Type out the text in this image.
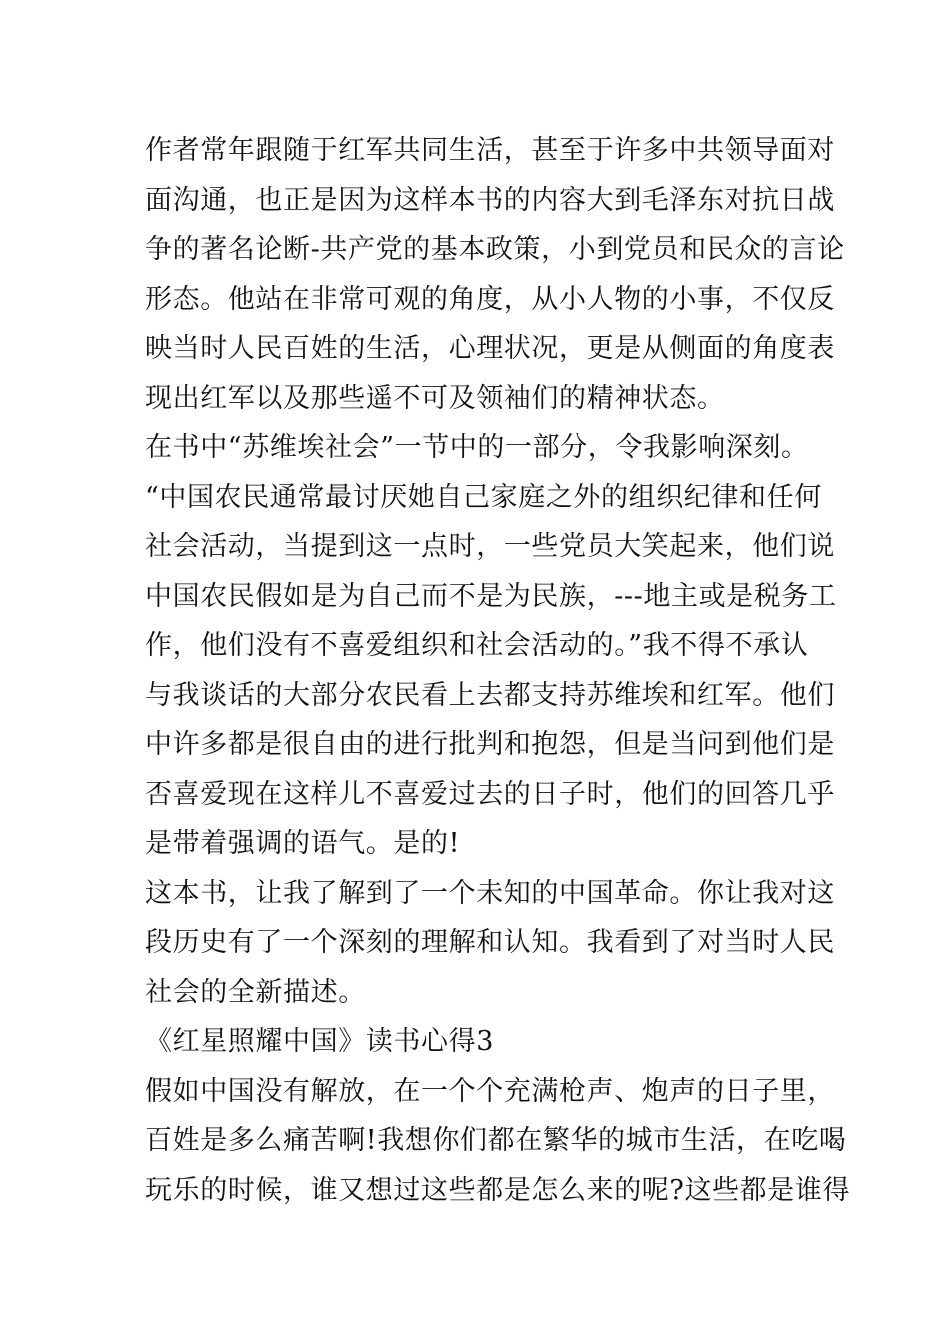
作者常年跟随于红军共同生活，甚至于许多中共领导面对
面沟通，也正是因为这样本书的内容大到毛泽东对抗日战
争的著名论断-共产党的基本政策，小到党员和民众的言论
形态。他站在非常可观的角度，从小人物的小事，不仅反
映当时人民百姓的生活，心理状况，更是从侧面的角度表
现出红军以及那些遥不可及领袖们的精神状态。
在书中“苏维埃社会”一节中的一部分，令我影响深刻。
“中国农民通常最讨厌她自己家庭之外的组织纪律和任何
社会活动，当提到这一点时，一些党员大笑起来，他们说
中国农民假如是为自己而不是为民族，---地主或是税务工
作，他们没有不喜爱组织和社会活动的。”我不得不承认
与我谈话的大部分农民看上去都支持苏维埃和红军。他们
中许多都是很自由的进行批判和抱怨，但是当问到他们是
否喜爱现在这样儿不喜爱过去的日子时，他们的回答几乎
是带着强调的语气。是的!
这本书，让我了解到了一个未知的中国革命。你让我对这
段历史有了一个深刻的理解和认知。我看到了对当时人民
社会的全新描述。
《红星照耀中国》读书心得3
假如中国没有解放，在一个个充满枪声、炮声的日子里，
百姓是多么痛苦啊!我想你们都在繁华的城市生活，在吃喝
玩乐的时候，谁又想过这些都是怎么来的呢?这些都是谁得
